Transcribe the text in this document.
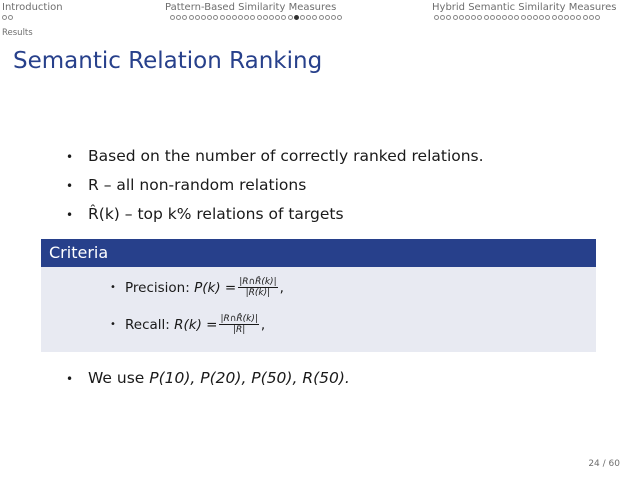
Introduction	Pattern-Based Similarity Measures	Hybrid Semantic Similarity Measures
Results
Semantic Relation Ranking
• Based on the number of correctly ranked relations.
• R – all non-random relations
• R̂(k) – top k% relations of targets
Criteria
• Precision:
$P(k) = \frac{|R\cap R̂(k)|}{|R̂(k)|}$ ,
• Recall:
$R(k) = \frac{|R\cap R̂(k)|}{|R|}$ ,
• We use
P(10), P(20), P(50), R(50).
24 / 60
